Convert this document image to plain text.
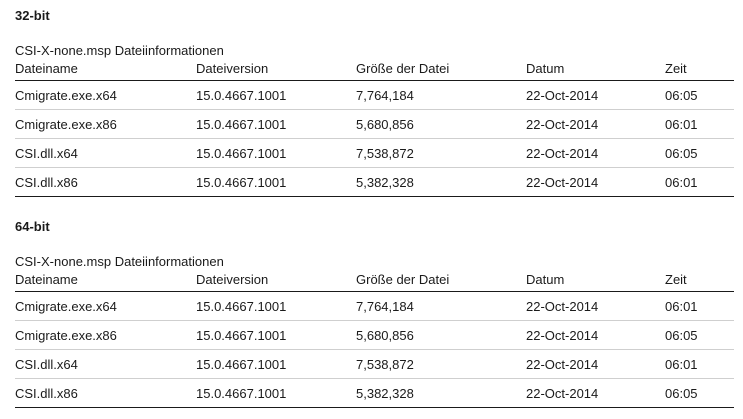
32-bit
CSI-X-none.msp Dateiinformationen
Dateiname	Dateiversion	Größe der Datei	Datum	Zeit
Cmigrate.exe.x64	15.0.4667.1001	7,764,184	22-Oct-2014	06:05
Cmigrate.exe.x86	15.0.4667.1001	5,680,856	22-Oct-2014	06:01
CSI.dll.x64	15.0.4667.1001	7,538,872	22-Oct-2014	06:05
CSI.dll.x86	15.0.4667.1001	5,382,328	22-Oct-2014	06:01
64-bit
CSI-X-none.msp Dateiinformationen
Dateiname	Dateiversion	Größe der Datei	Datum	Zeit
Cmigrate.exe.x64	15.0.4667.1001	7,764,184	22-Oct-2014	06:01
Cmigrate.exe.x86	15.0.4667.1001	5,680,856	22-Oct-2014	06:05
CSI.dll.x64	15.0.4667.1001	7,538,872	22-Oct-2014	06:01
CSI.dll.x86	15.0.4667.1001	5,382,328	22-Oct-2014	06:05
